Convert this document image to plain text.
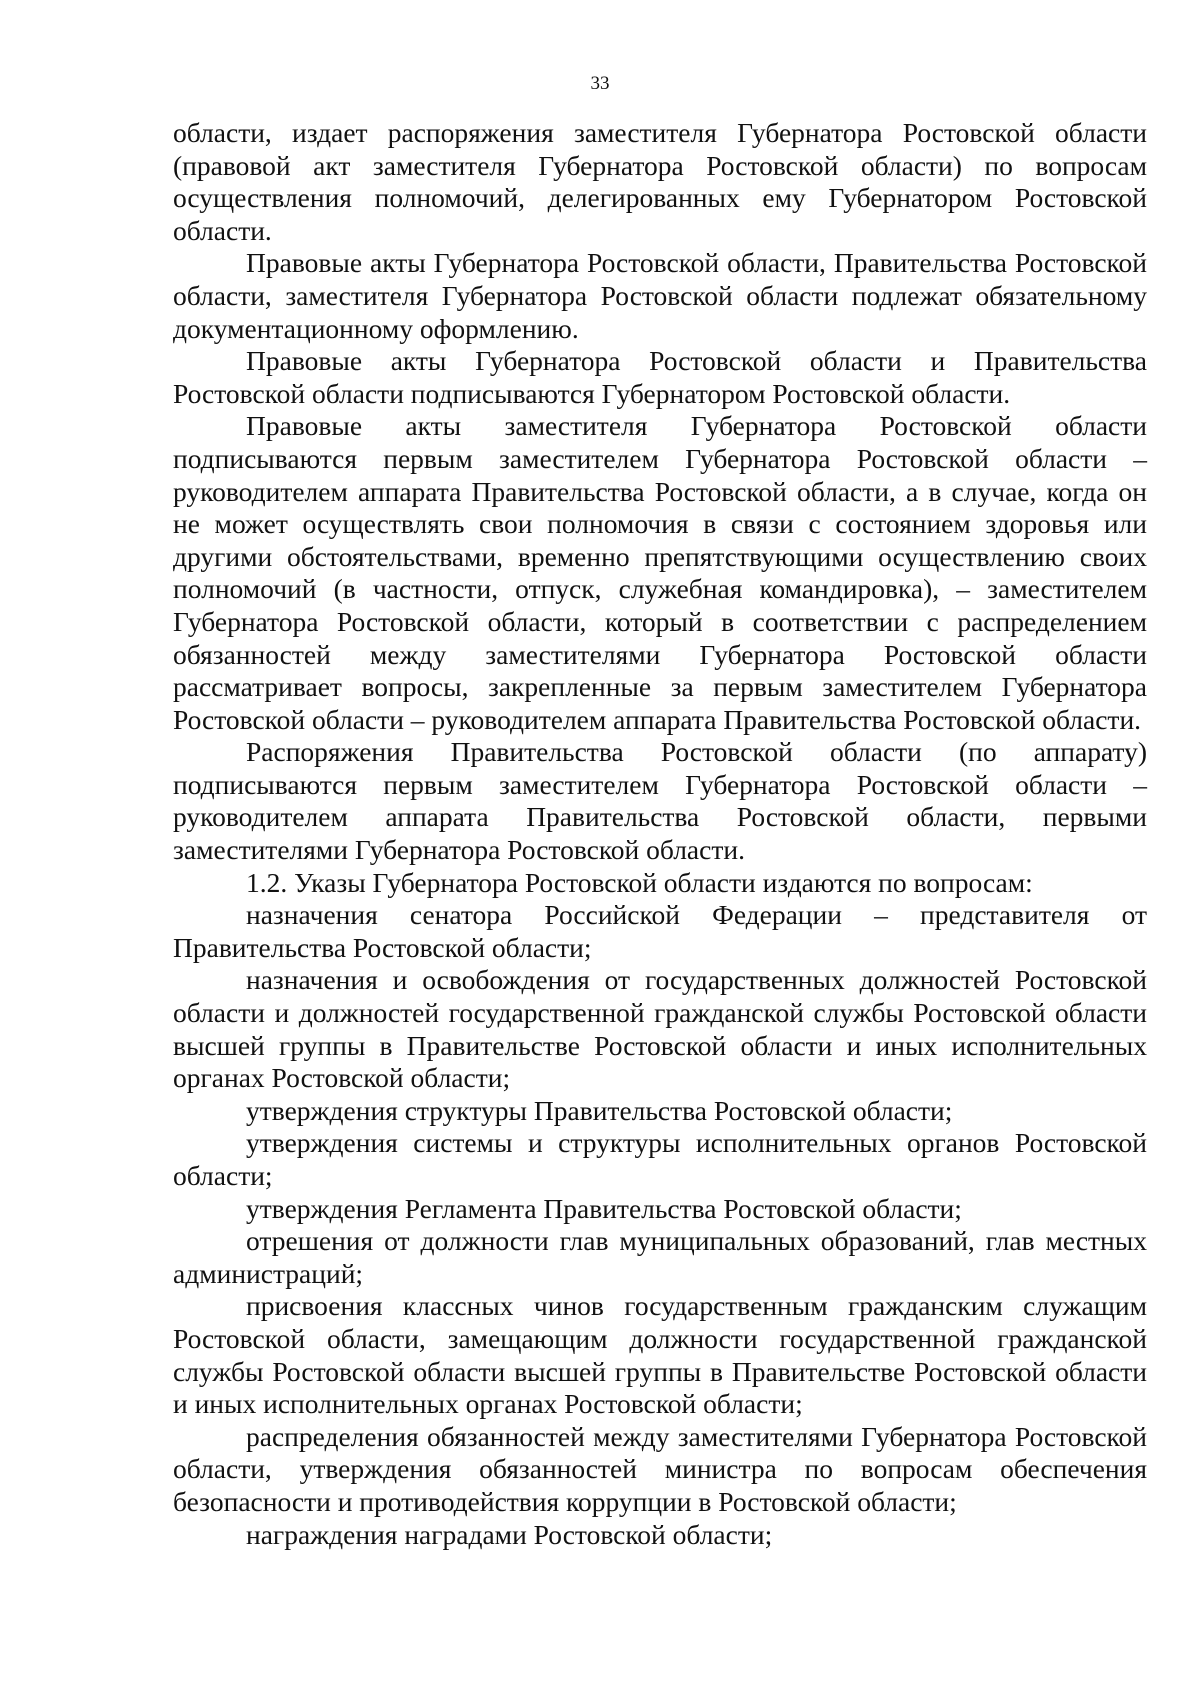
33

области, издает распоряжения заместителя Губернатора Ростовской области (правовой акт заместителя Губернатора Ростовской области) по вопросам осуществления полномочий, делегированных ему Губернатором Ростовской области.

Правовые акты Губернатора Ростовской области, Правительства Ростовской области, заместителя Губернатора Ростовской области подлежат обязательному документационному оформлению.

Правовые акты Губернатора Ростовской области и Правительства Ростовской области подписываются Губернатором Ростовской области.

Правовые акты заместителя Губернатора Ростовской области подписываются первым заместителем Губернатора Ростовской области – руководителем аппарата Правительства Ростовской области, а в случае, когда он не может осуществлять свои полномочия в связи с состоянием здоровья или другими обстоятельствами, временно препятствующими осуществлению своих полномочий (в частности, отпуск, служебная командировка), – заместителем Губернатора Ростовской области, который в соответствии с распределением обязанностей между заместителями Губернатора Ростовской области рассматривает вопросы, закрепленные за первым заместителем Губернатора Ростовской области – руководителем аппарата Правительства Ростовской области.

Распоряжения Правительства Ростовской области (по аппарату) подписываются первым заместителем Губернатора Ростовской области – руководителем аппарата Правительства Ростовской области, первыми заместителями Губернатора Ростовской области.

1.2. Указы Губернатора Ростовской области издаются по вопросам:

назначения сенатора Российской Федерации – представителя от Правительства Ростовской области;

назначения и освобождения от государственных должностей Ростовской области и должностей государственной гражданской службы Ростовской области высшей группы в Правительстве Ростовской области и иных исполнительных органах Ростовской области;

утверждения структуры Правительства Ростовской области;

утверждения системы и структуры исполнительных органов Ростовской области;

утверждения Регламента Правительства Ростовской области;

отрешения от должности глав муниципальных образований, глав местных администраций;

присвоения классных чинов государственным гражданским служащим Ростовской области, замещающим должности государственной гражданской службы Ростовской области высшей группы в Правительстве Ростовской области и иных исполнительных органах Ростовской области;

распределения обязанностей между заместителями Губернатора Ростовской области, утверждения обязанностей министра по вопросам обеспечения безопасности и противодействия коррупции в Ростовской области;

награждения наградами Ростовской области;
